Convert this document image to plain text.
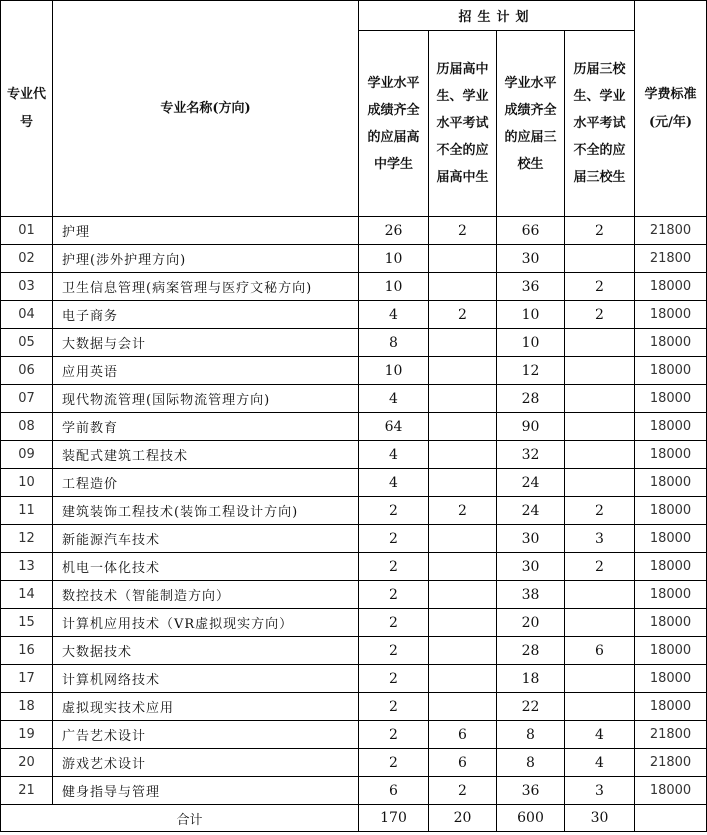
专业代号	专业名称(方向)	招生计划				学费标准(元/年)
		学业水平成绩齐全的应届高中学生	历届高中生、学业水平考试不全的应届高中生	学业水平成绩齐全的应届三校生	历届三校生、学业水平考试不全的应届三校生	
01	护理	26	2	66	2	21800
02	护理(涉外护理方向)	10		30		21800
03	卫生信息管理(病案管理与医疗文秘方向)	10		36	2	18000
04	电子商务	4	2	10	2	18000
05	大数据与会计	8		10		18000
06	应用英语	10		12		18000
07	现代物流管理(国际物流管理方向)	4		28		18000
08	学前教育	64		90		18000
09	装配式建筑工程技术	4		32		18000
10	工程造价	4		24		18000
11	建筑装饰工程技术(装饰工程设计方向)	2	2	24	2	18000
12	新能源汽车技术	2		30	3	18000
13	机电一体化技术	2		30	2	18000
14	数控技术（智能制造方向）	2		38		18000
15	计算机应用技术（VR虚拟现实方向）	2		20		18000
16	大数据技术	2		28	6	18000
17	计算机网络技术	2		18		18000
18	虚拟现实技术应用	2		22		18000
19	广告艺术设计	2	6	8	4	21800
20	游戏艺术设计	2	6	8	4	21800
21	健身指导与管理	6	2	36	3	18000
合计		170	20	600	30	
